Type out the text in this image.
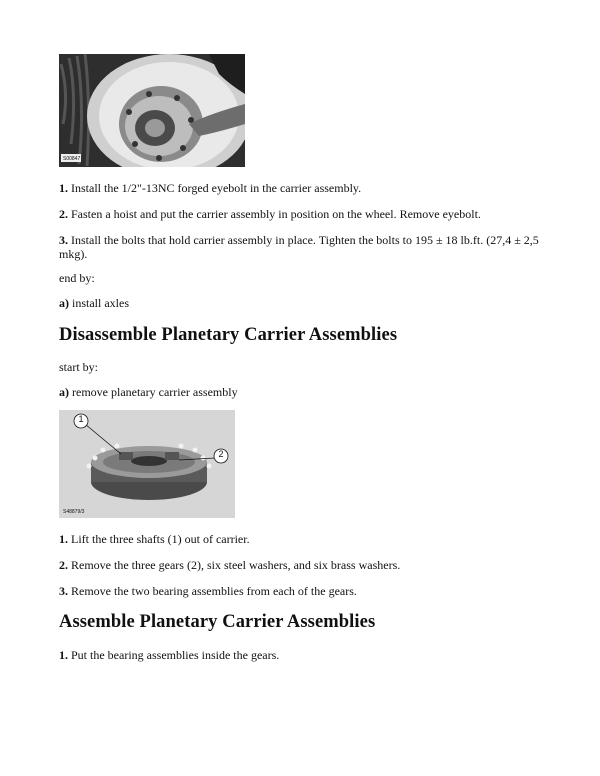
S00847

1. Install the 1/2"-13NC forged eyebolt in the carrier assembly.

2. Fasten a hoist and put the carrier assembly in position on the wheel. Remove eyebolt.

3. Install the bolts that hold carrier assembly in place. Tighten the bolts to 195 ± 18 lb.ft. (27,4 ± 2,5 mkg).

end by:

a) install axles

Disassemble Planetary Carrier Assemblies

start by:

a) remove planetary carrier assembly

1
2
S48879/3

1. Lift the three shafts (1) out of carrier.

2. Remove the three gears (2), six steel washers, and six brass washers.

3. Remove the two bearing assemblies from each of the gears.

Assemble Planetary Carrier Assemblies

1. Put the bearing assemblies inside the gears.
